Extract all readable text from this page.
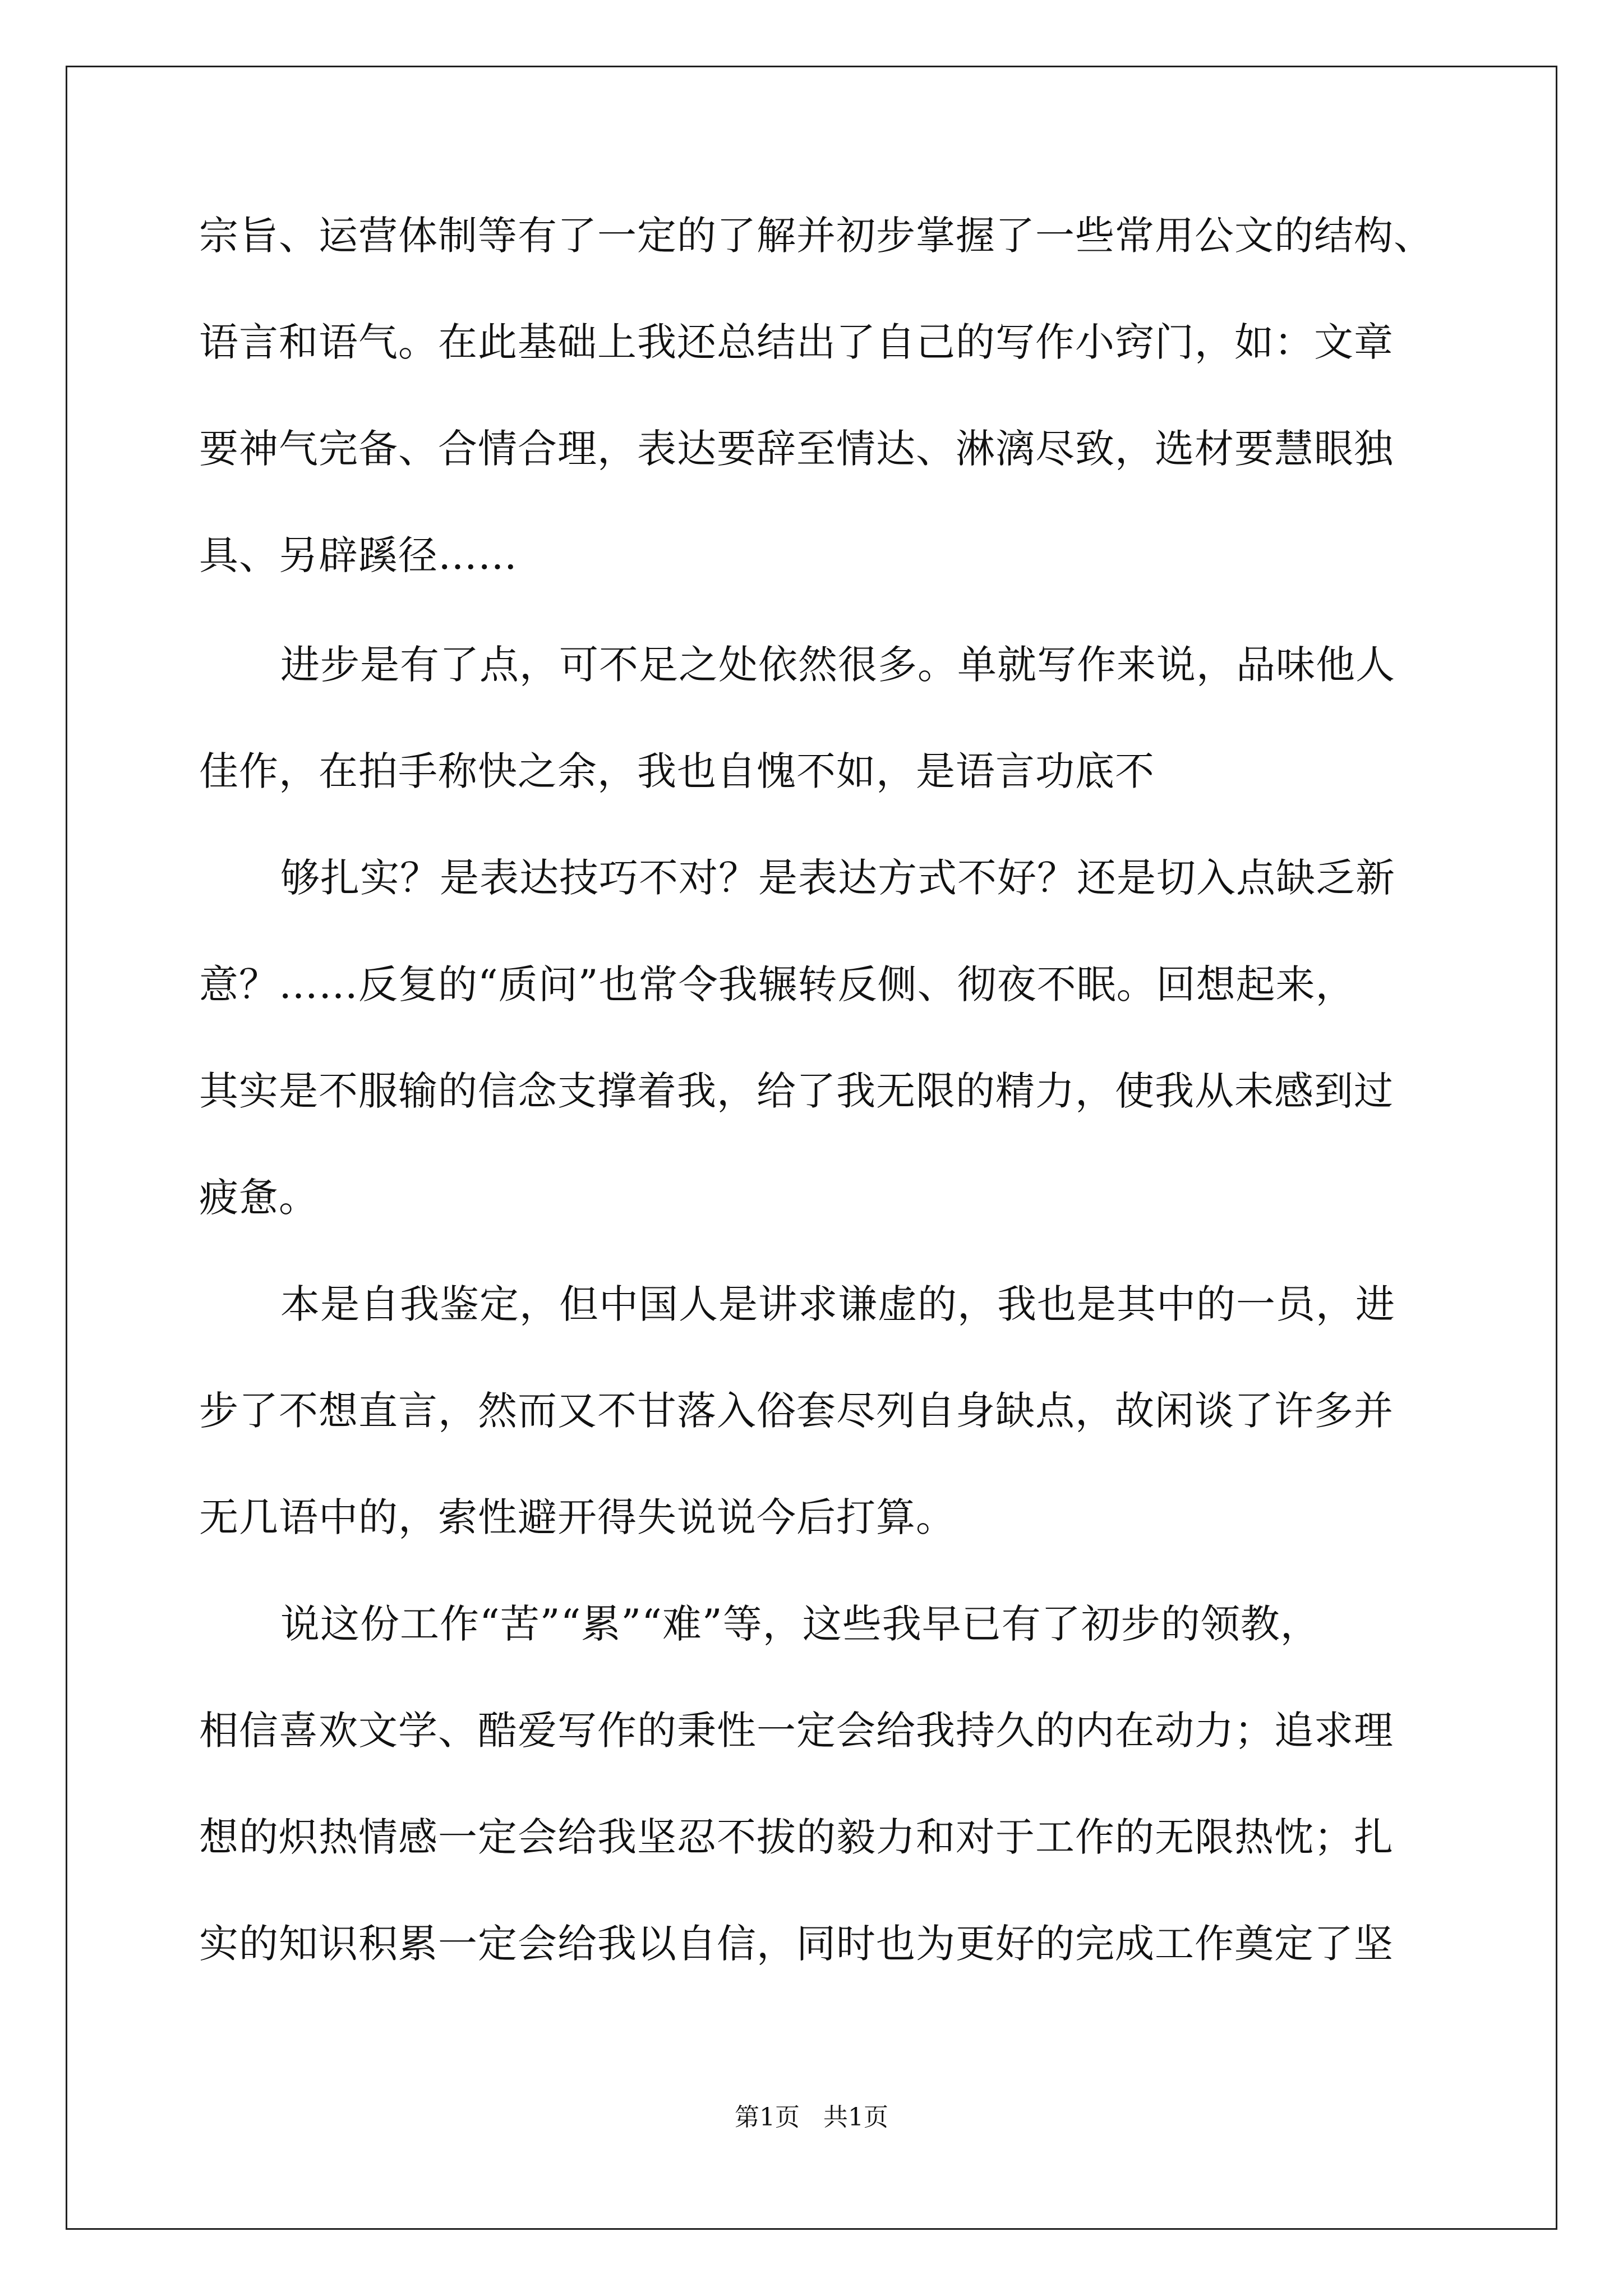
宗旨、运营体制等有了一定的了解并初步掌握了一些常用公文的结构、
语言和语气。在此基础上我还总结出了自己的写作小窍门，如：文章
要神气完备、合情合理，表达要辞至情达、淋漓尽致，选材要慧眼独
具、另辟蹊径……
进步是有了点，可不足之处依然很多。单就写作来说，品味他人
佳作，在拍手称快之余，我也自愧不如，是语言功底不
够扎实？是表达技巧不对？是表达方式不好？还是切入点缺乏新
意？……反复的“质问”也常令我辗转反侧、彻夜不眠。回想起来，
其实是不服输的信念支撑着我，给了我无限的精力，使我从未感到过
疲惫。
本是自我鉴定，但中国人是讲求谦虚的，我也是其中的一员，进
步了不想直言，然而又不甘落入俗套尽列自身缺点，故闲谈了许多并
无几语中的，索性避开得失说说今后打算。
说这份工作“苦”“累”“难”等，这些我早已有了初步的领教，
相信喜欢文学、酷爱写作的秉性一定会给我持久的内在动力；追求理
想的炽热情感一定会给我坚忍不拔的毅力和对于工作的无限热忱；扎
实的知识积累一定会给我以自信，同时也为更好的完成工作奠定了坚
第1页   共1页
